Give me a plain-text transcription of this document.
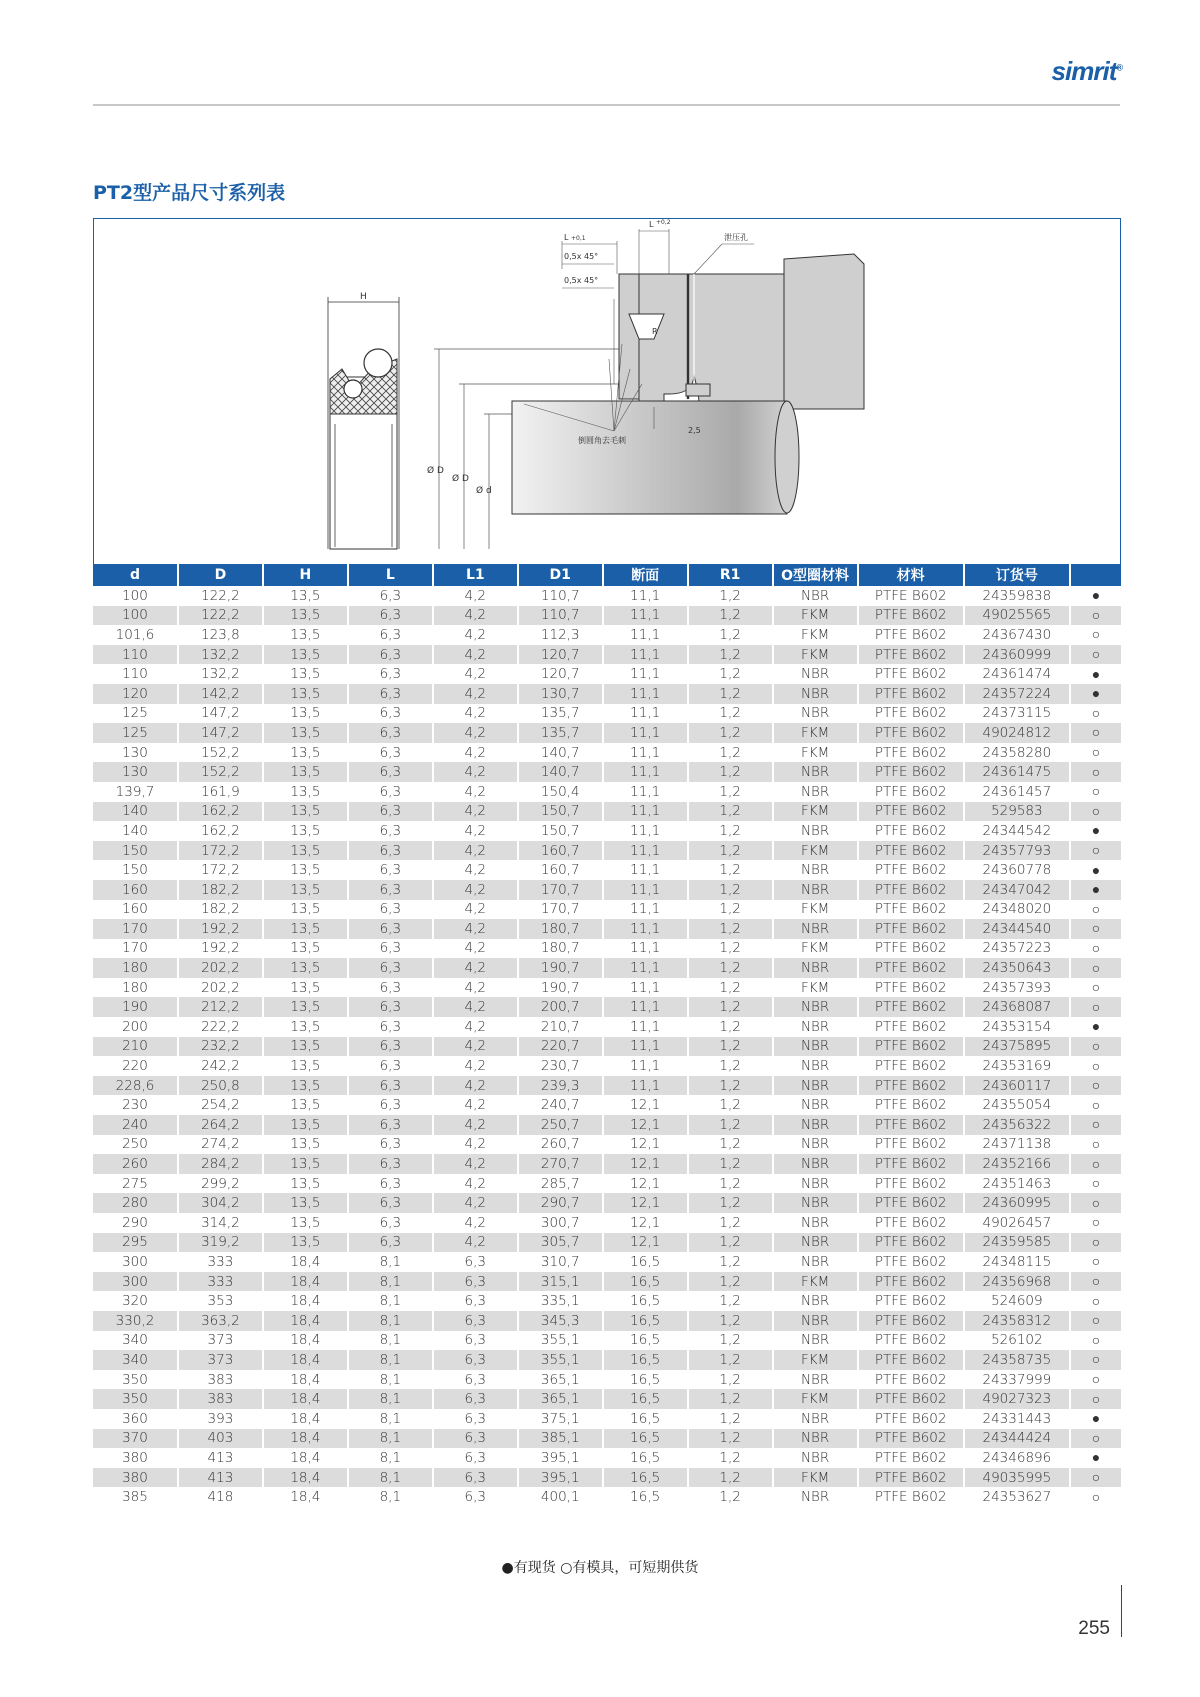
simrit®
PT2型产品尺寸系列表
H
Ø D
Ø D
Ø d
L +0,1
L +0,2
0,5x 45°
0,5x 45°
泄压孔
R
2,5
倒圆角去毛刺
d	D	H	L	L1	D1	断面	R1	O型圈材料	材料	订货号	
100	122,2	13,5	6,3	4,2	110,7	11,1	1,2	NBR	PTFE B602	24359838	●
100	122,2	13,5	6,3	4,2	110,7	11,1	1,2	FKM	PTFE B602	49025565	○
101,6	123,8	13,5	6,3	4,2	112,3	11,1	1,2	FKM	PTFE B602	24367430	○
110	132,2	13,5	6,3	4,2	120,7	11,1	1,2	FKM	PTFE B602	24360999	○
110	132,2	13,5	6,3	4,2	120,7	11,1	1,2	NBR	PTFE B602	24361474	●
120	142,2	13,5	6,3	4,2	130,7	11,1	1,2	NBR	PTFE B602	24357224	●
125	147,2	13,5	6,3	4,2	135,7	11,1	1,2	NBR	PTFE B602	24373115	○
125	147,2	13,5	6,3	4,2	135,7	11,1	1,2	FKM	PTFE B602	49024812	○
130	152,2	13,5	6,3	4,2	140,7	11,1	1,2	FKM	PTFE B602	24358280	○
130	152,2	13,5	6,3	4,2	140,7	11,1	1,2	NBR	PTFE B602	24361475	○
139,7	161,9	13,5	6,3	4,2	150,4	11,1	1,2	NBR	PTFE B602	24361457	○
140	162,2	13,5	6,3	4,2	150,7	11,1	1,2	FKM	PTFE B602	529583	○
140	162,2	13,5	6,3	4,2	150,7	11,1	1,2	NBR	PTFE B602	24344542	●
150	172,2	13,5	6,3	4,2	160,7	11,1	1,2	FKM	PTFE B602	24357793	○
150	172,2	13,5	6,3	4,2	160,7	11,1	1,2	NBR	PTFE B602	24360778	●
160	182,2	13,5	6,3	4,2	170,7	11,1	1,2	NBR	PTFE B602	24347042	●
160	182,2	13,5	6,3	4,2	170,7	11,1	1,2	FKM	PTFE B602	24348020	○
170	192,2	13,5	6,3	4,2	180,7	11,1	1,2	NBR	PTFE B602	24344540	○
170	192,2	13,5	6,3	4,2	180,7	11,1	1,2	FKM	PTFE B602	24357223	○
180	202,2	13,5	6,3	4,2	190,7	11,1	1,2	NBR	PTFE B602	24350643	○
180	202,2	13,5	6,3	4,2	190,7	11,1	1,2	FKM	PTFE B602	24357393	○
190	212,2	13,5	6,3	4,2	200,7	11,1	1,2	NBR	PTFE B602	24368087	○
200	222,2	13,5	6,3	4,2	210,7	11,1	1,2	NBR	PTFE B602	24353154	●
210	232,2	13,5	6,3	4,2	220,7	11,1	1,2	NBR	PTFE B602	24375895	○
220	242,2	13,5	6,3	4,2	230,7	11,1	1,2	NBR	PTFE B602	24353169	○
228,6	250,8	13,5	6,3	4,2	239,3	11,1	1,2	NBR	PTFE B602	24360117	○
230	254,2	13,5	6,3	4,2	240,7	12,1	1,2	NBR	PTFE B602	24355054	○
240	264,2	13,5	6,3	4,2	250,7	12,1	1,2	NBR	PTFE B602	24356322	○
250	274,2	13,5	6,3	4,2	260,7	12,1	1,2	NBR	PTFE B602	24371138	○
260	284,2	13,5	6,3	4,2	270,7	12,1	1,2	NBR	PTFE B602	24352166	○
275	299,2	13,5	6,3	4,2	285,7	12,1	1,2	NBR	PTFE B602	24351463	○
280	304,2	13,5	6,3	4,2	290,7	12,1	1,2	NBR	PTFE B602	24360995	○
290	314,2	13,5	6,3	4,2	300,7	12,1	1,2	NBR	PTFE B602	49026457	○
295	319,2	13,5	6,3	4,2	305,7	12,1	1,2	NBR	PTFE B602	24359585	○
300	333	18,4	8,1	6,3	310,7	16,5	1,2	NBR	PTFE B602	24348115	○
300	333	18,4	8,1	6,3	315,1	16,5	1,2	FKM	PTFE B602	24356968	○
320	353	18,4	8,1	6,3	335,1	16,5	1,2	NBR	PTFE B602	524609	○
330,2	363,2	18,4	8,1	6,3	345,3	16,5	1,2	NBR	PTFE B602	24358312	○
340	373	18,4	8,1	6,3	355,1	16,5	1,2	NBR	PTFE B602	526102	○
340	373	18,4	8,1	6,3	355,1	16,5	1,2	FKM	PTFE B602	24358735	○
350	383	18,4	8,1	6,3	365,1	16,5	1,2	NBR	PTFE B602	24337999	○
350	383	18,4	8,1	6,3	365,1	16,5	1,2	FKM	PTFE B602	49027323	○
360	393	18,4	8,1	6,3	375,1	16,5	1,2	NBR	PTFE B602	24331443	●
370	403	18,4	8,1	6,3	385,1	16,5	1,2	NBR	PTFE B602	24344424	○
380	413	18,4	8,1	6,3	395,1	16,5	1,2	NBR	PTFE B602	24346896	●
380	413	18,4	8,1	6,3	395,1	16,5	1,2	FKM	PTFE B602	49035995	○
385	418	18,4	8,1	6,3	400,1	16,5	1,2	NBR	PTFE B602	24353627	○
●有现货 ○有模具，可短期供货
255
